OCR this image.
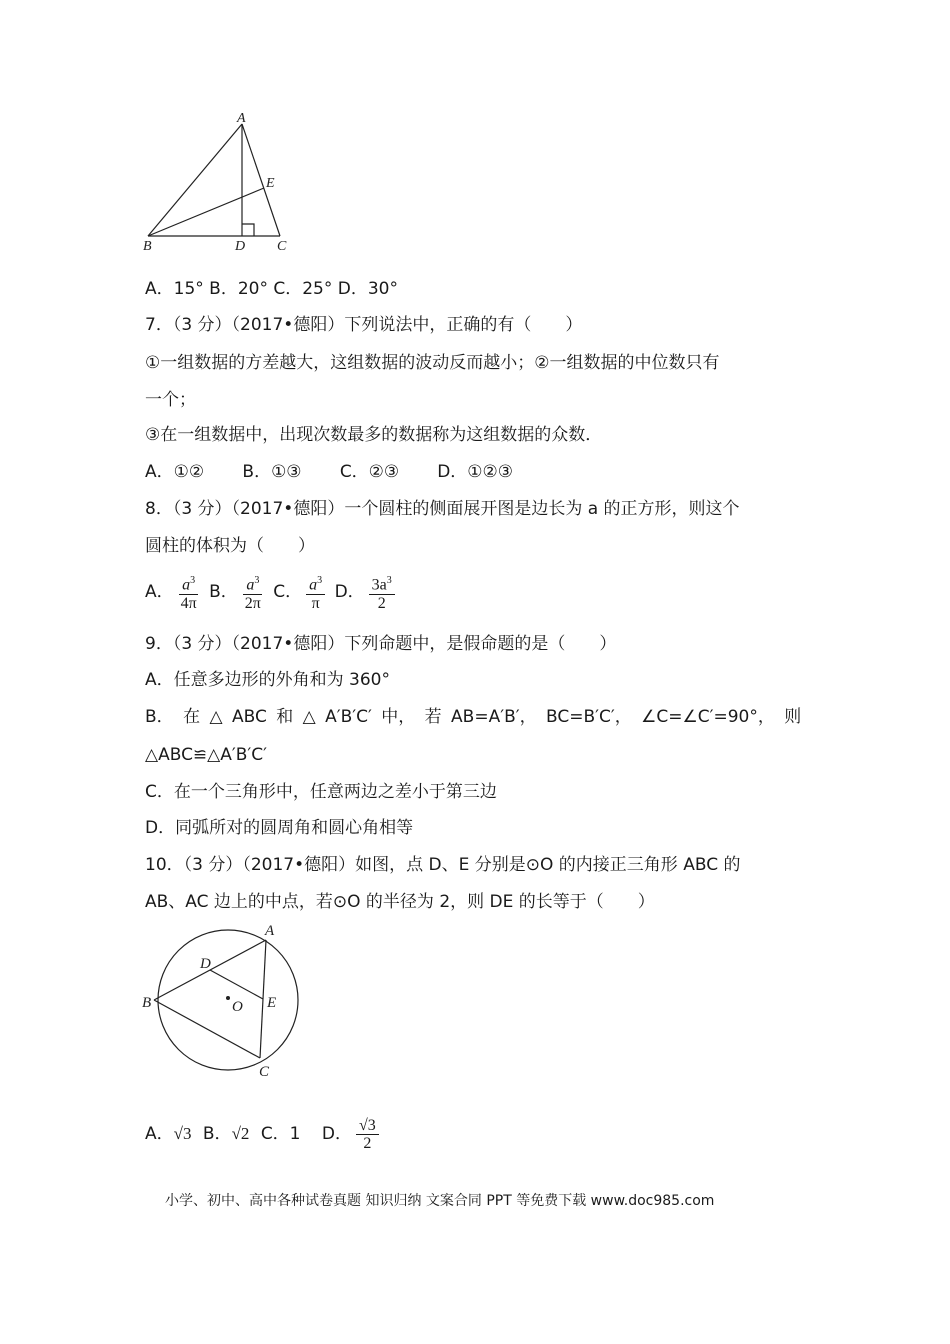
A
B	C
D
E
A．15° B．20° C．25° D．30°
7．（3 分）（2017•德阳）下列说法中，正确的有（　　）
①一组数据的方差越大，这组数据的波动反而越小；②一组数据的中位数只有
一个；
③在一组数据中，出现次数最多的数据称为这组数据的众数．
A．①② B．①③ C．②③ D．①②③
8．（3 分）（2017•德阳）一个圆柱的侧面展开图是边长为 a 的正方形，则这个
圆柱的体积为（　　）
A． $\frac{a^3}{4\pi}$ B． $\frac{a^3}{2\pi}$ C． $\frac{a^3}{\pi}$ D． $\frac{3a^3}{2}$
9．（3 分）（2017•德阳）下列命题中，是假命题的是（　　）
A．任意多边形的外角和为 360°
B． 在 △ ABC 和 △ A′B′C′ 中， 若 AB=A′B′， BC=B′C′， ∠C=∠C′=90°， 则
△ABC≌△A′B′C′
C．在一个三角形中，任意两边之差小于第三边
D．同弧所对的圆周角和圆心角相等
10．（3 分）（2017•德阳）如图，点 D、E 分别是⊙O 的内接正三角形 ABC 的
AB、AC 边上的中点，若⊙O 的半径为 2，则 DE 的长等于（　　）
A
B
C
D
E
O
A．√3 B．√2 C．1 D． $\frac{√3}{2}$
小学、初中、高中各种试卷真题 知识归纳 文案合同 PPT 等免费下载 www.doc985.com
